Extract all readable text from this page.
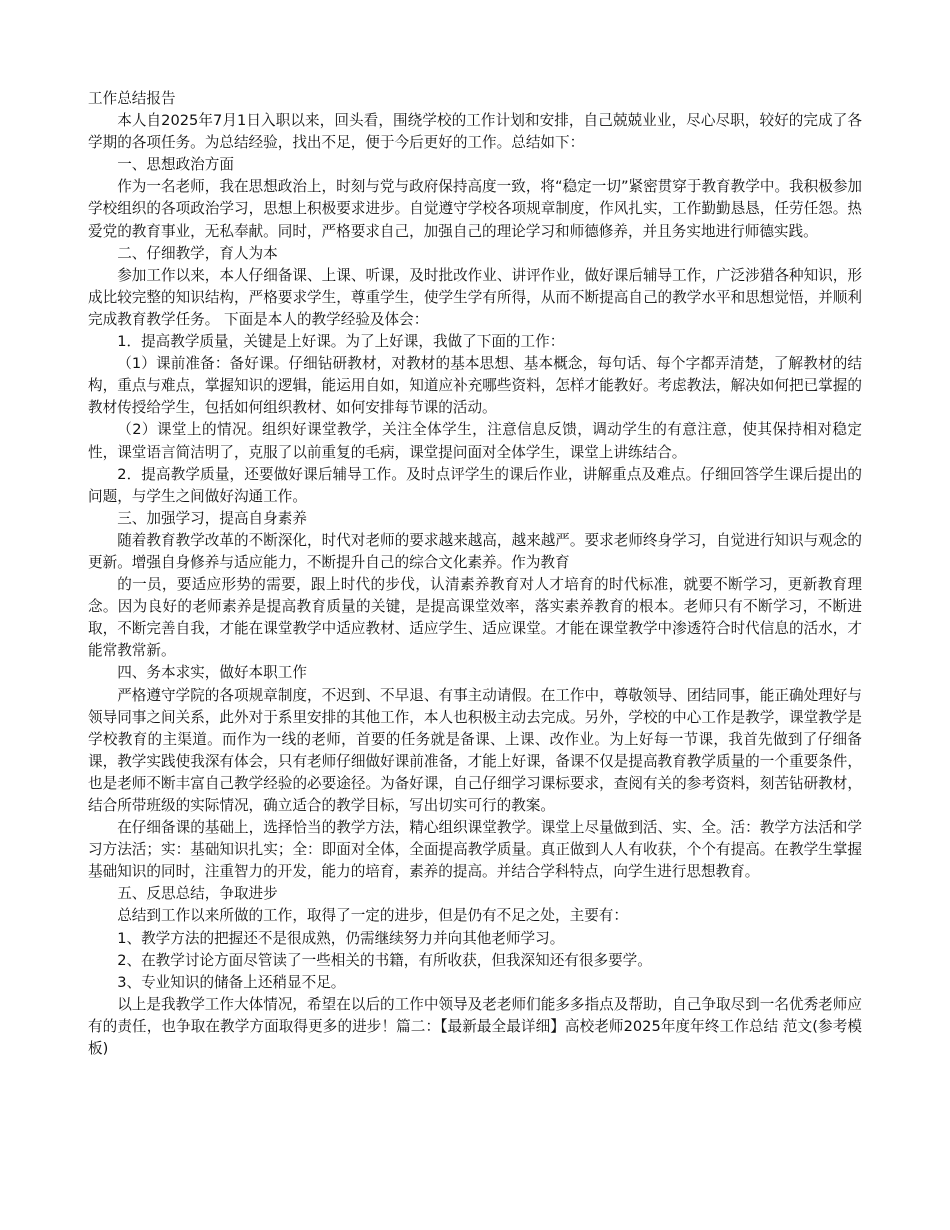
工作总结报告

本人自2025年7月1日入职以来，回头看，围绕学校的工作计划和安排，自己兢兢业业，尽心尽职，较好的完成了各学期的各项任务。为总结经验，找出不足，便于今后更好的工作。总结如下：

一、思想政治方面

作为一名老师，我在思想政治上，时刻与党与政府保持高度一致，将“稳定一切”紧密贯穿于教育教学中。我积极参加学校组织的各项政治学习，思想上积极要求进步。自觉遵守学校各项规章制度，作风扎实，工作勤勤恳恳，任劳任怨。热爱党的教育事业，无私奉献。同时，严格要求自己，加强自己的理论学习和师德修养，并且务实地进行师德实践。

二、仔细教学，育人为本

参加工作以来，本人仔细备课、上课、听课，及时批改作业、讲评作业，做好课后辅导工作，广泛涉猎各种知识，形成比较完整的知识结构，严格要求学生，尊重学生，使学生学有所得，从而不断提高自己的教学水平和思想觉悟，并顺利完成教育教学任务。 下面是本人的教学经验及体会：

1．提高教学质量，关键是上好课。为了上好课，我做了下面的工作：

（1）课前准备：备好课。仔细钻研教材，对教材的基本思想、基本概念，每句话、每个字都弄清楚，了解教材的结构，重点与难点，掌握知识的逻辑，能运用自如，知道应补充哪些资料，怎样才能教好。考虑教法，解决如何把已掌握的教材传授给学生，包括如何组织教材、如何安排每节课的活动。

（2）课堂上的情况。组织好课堂教学，关注全体学生，注意信息反馈，调动学生的有意注意，使其保持相对稳定性，课堂语言简洁明了，克服了以前重复的毛病，课堂提问面对全体学生，课堂上讲练结合。

2．提高教学质量，还要做好课后辅导工作。及时点评学生的课后作业，讲解重点及难点。仔细回答学生课后提出的问题，与学生之间做好沟通工作。

三、加强学习，提高自身素养

随着教育教学改革的不断深化，时代对老师的要求越来越高，越来越严。要求老师终身学习，自觉进行知识与观念的更新。增强自身修养与适应能力，不断提升自己的综合文化素养。作为教育

的一员，要适应形势的需要，跟上时代的步伐，认清素养教育对人才培育的时代标准，就要不断学习，更新教育理念。因为良好的老师素养是提高教育质量的关键，是提高课堂效率，落实素养教育的根本。老师只有不断学习，不断进取，不断完善自我，才能在课堂教学中适应教材、适应学生、适应课堂。才能在课堂教学中渗透符合时代信息的活水，才能常教常新。

四、务本求实，做好本职工作

严格遵守学院的各项规章制度，不迟到、不早退、有事主动请假。在工作中，尊敬领导、团结同事，能正确处理好与领导同事之间关系，此外对于系里安排的其他工作，本人也积极主动去完成。另外，学校的中心工作是教学，课堂教学是学校教育的主渠道。而作为一线的老师，首要的任务就是备课、上课、改作业。为上好每一节课，我首先做到了仔细备课，教学实践使我深有体会，只有老师仔细做好课前准备，才能上好课，备课不仅是提高教育教学质量的一个重要条件，也是老师不断丰富自己教学经验的必要途径。为备好课，自己仔细学习课标要求，查阅有关的参考资料，刻苦钻研教材，结合所带班级的实际情况，确立适合的教学目标，写出切实可行的教案。

在仔细备课的基础上，选择恰当的教学方法，精心组织课堂教学。课堂上尽量做到活、实、全。活：教学方法活和学习方法活；实：基础知识扎实；全：即面对全体，全面提高教学质量。真正做到人人有收获，个个有提高。在教学生掌握基础知识的同时，注重智力的开发，能力的培育，素养的提高。并结合学科特点，向学生进行思想教育。

五、反思总结，争取进步

总结到工作以来所做的工作，取得了一定的进步，但是仍有不足之处，主要有：

1、教学方法的把握还不是很成熟，仍需继续努力并向其他老师学习。

2、在教学讨论方面尽管读了一些相关的书籍，有所收获，但我深知还有很多要学。

3、专业知识的储备上还稍显不足。

以上是我教学工作大体情况，希望在以后的工作中领导及老老师们能多多指点及帮助，自己争取尽到一名优秀老师应有的责任，也争取在教学方面取得更多的进步！篇二：【最新最全最详细】高校老师2025年度年终工作总结 范文(参考模板)
